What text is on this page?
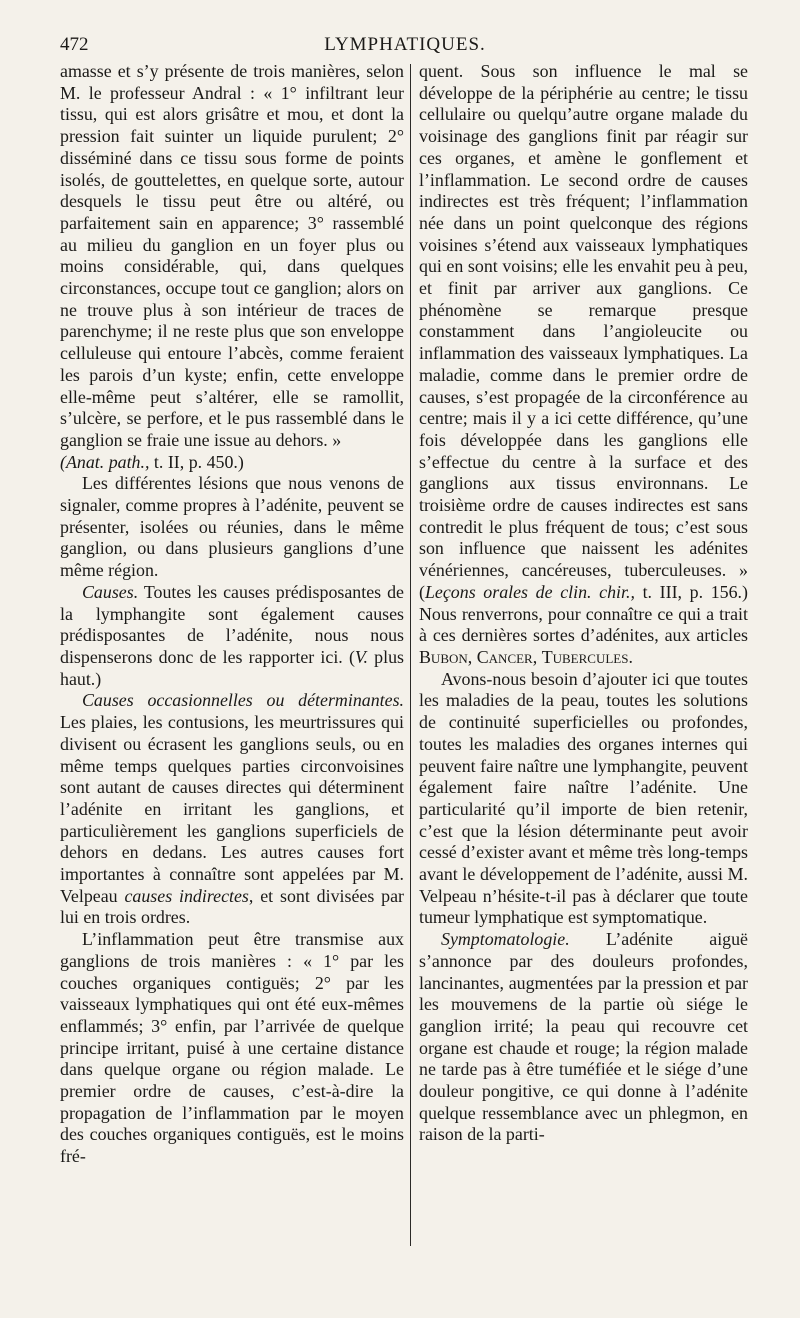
472	LYMPHATIQUES.

amasse et s’y présente de trois manières, selon M. le professeur Andral : « 1° infiltrant leur tissu, qui est alors grisâtre et mou, et dont la pression fait suinter un liquide purulent; 2° disséminé dans ce tissu sous forme de points isolés, de gouttelettes, en quelque sorte, autour desquels le tissu peut être ou altéré, ou parfaitement sain en apparence; 3° rassemblé au milieu du ganglion en un foyer plus ou moins considérable, qui, dans quelques circonstances, occupe tout ce ganglion; alors on ne trouve plus à son intérieur de traces de parenchyme; il ne reste plus que son enveloppe celluleuse qui entoure l’abcès, comme feraient les parois d’un kyste; enfin, cette enveloppe elle-même peut s’altérer, elle se ramollit, s’ulcère, se perfore, et le pus rassemblé dans le ganglion se fraie une issue au dehors. »
(Anat. path., t. II, p. 450.)

Les différentes lésions que nous venons de signaler, comme propres à l’adénite, peuvent se présenter, isolées ou réunies, dans le même ganglion, ou dans plusieurs ganglions d’une même région.

Causes. Toutes les causes prédisposantes de la lymphangite sont également causes prédisposantes de l’adénite, nous nous dispenserons donc de les rapporter ici. (V. plus haut.)

Causes occasionnelles ou déterminantes. Les plaies, les contusions, les meurtrissures qui divisent ou écrasent les ganglions seuls, ou en même temps quelques parties circonvoisines sont autant de causes directes qui déterminent l’adénite en irritant les ganglions, et particulièrement les ganglions superficiels de dehors en dedans. Les autres causes fort importantes à connaître sont appelées par M. Velpeau causes indirectes, et sont divisées par lui en trois ordres.

L’inflammation peut être transmise aux ganglions de trois manières : « 1° par les couches organiques contiguës; 2° par les vaisseaux lymphatiques qui ont été eux-mêmes enflammés; 3° enfin, par l’arrivée de quelque principe irritant, puisé à une certaine distance dans quelque organe ou région malade. Le premier ordre de causes, c’est-à-dire la propagation de l’inflammation par le moyen des couches organiques contiguës, est le moins fré-

quent. Sous son influence le mal se développe de la périphérie au centre; le tissu cellulaire ou quelqu’autre organe malade du voisinage des ganglions finit par réagir sur ces organes, et amène le gonflement et l’inflammation. Le second ordre de causes indirectes est très fréquent; l’inflammation née dans un point quelconque des régions voisines s’étend aux vaisseaux lymphatiques qui en sont voisins; elle les envahit peu à peu, et finit par arriver aux ganglions. Ce phénomène se remarque presque constamment dans l’angioleucite ou inflammation des vaisseaux lymphatiques. La maladie, comme dans le premier ordre de causes, s’est propagée de la circonférence au centre; mais il y a ici cette différence, qu’une fois développée dans les ganglions elle s’effectue du centre à la surface et des ganglions aux tissus environnans. Le troisième ordre de causes indirectes est sans contredit le plus fréquent de tous; c’est sous son influence que naissent les adénites vénériennes, cancéreuses, tuberculeuses. » (Leçons orales de clin. chir., t. III, p. 156.) Nous renverrons, pour connaître ce qui a trait à ces dernières sortes d’adénites, aux articles Bubon, Cancer, Tubercules.

Avons-nous besoin d’ajouter ici que toutes les maladies de la peau, toutes les solutions de continuité superficielles ou profondes, toutes les maladies des organes internes qui peuvent faire naître une lymphangite, peuvent également faire naître l’adénite. Une particularité qu’il importe de bien retenir, c’est que la lésion déterminante peut avoir cessé d’exister avant et même très long-temps avant le développement de l’adénite, aussi M. Velpeau n’hésite-t-il pas à déclarer que toute tumeur lymphatique est symptomatique.

Symptomatologie. L’adénite aiguë s’annonce par des douleurs profondes, lancinantes, augmentées par la pression et par les mouvemens de la partie où siége le ganglion irrité; la peau qui recouvre cet organe est chaude et rouge; la région malade ne tarde pas à être tuméfiée et le siége d’une douleur pongitive, ce qui donne à l’adénite quelque ressemblance avec un phlegmon, en raison de la parti-
